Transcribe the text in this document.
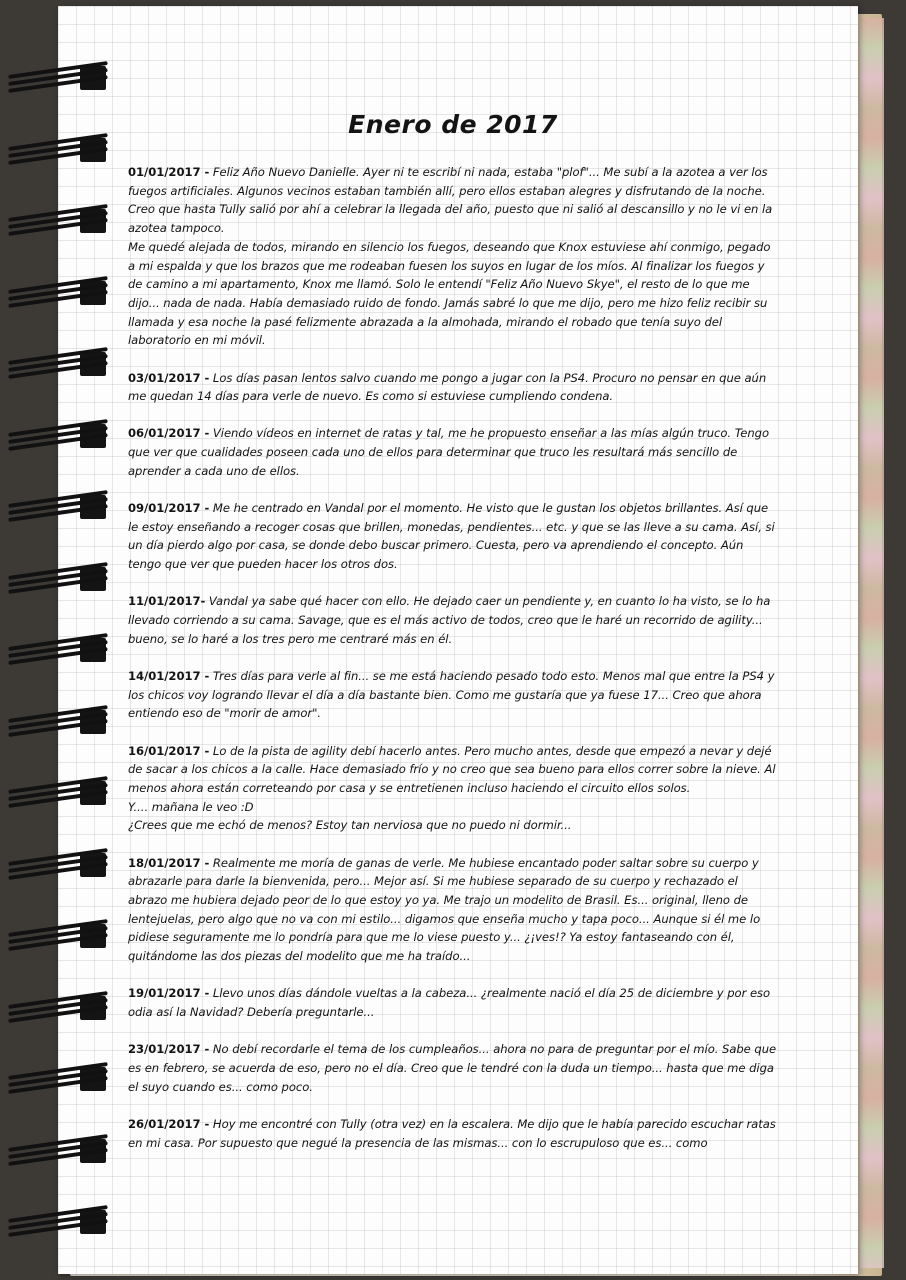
Enero de 2017

01/01/2017 - Feliz Año Nuevo Danielle. Ayer ni te escribí ni nada, estaba "plof"... Me subí a la azotea a ver los fuegos artificiales. Algunos vecinos estaban también allí, pero ellos estaban alegres y disfrutando de la noche. Creo que hasta Tully salió por ahí a celebrar la llegada del año, puesto que ni salió al descansillo y no le vi en la azotea tampoco.

Me quedé alejada de todos, mirando en silencio los fuegos, deseando que Knox estuviese ahí conmigo, pegado a mi espalda y que los brazos que me rodeaban fuesen los suyos en lugar de los míos. Al finalizar los fuegos y de camino a mi apartamento, Knox me llamó. Solo le entendí "Feliz Año Nuevo Skye", el resto de lo que me dijo... nada de nada. Había demasiado ruido de fondo. Jamás sabré lo que me dijo, pero me hizo feliz recibir su llamada y esa noche la pasé felizmente abrazada a la almohada, mirando el robado que tenía suyo del laboratorio en mi móvil.

03/01/2017 - Los días pasan lentos salvo cuando me pongo a jugar con la PS4. Procuro no pensar en que aún me quedan 14 días para verle de nuevo. Es como si estuviese cumpliendo condena.

06/01/2017 - Viendo vídeos en internet de ratas y tal, me he propuesto enseñar a las mías algún truco. Tengo que ver que cualidades poseen cada uno de ellos para determinar que truco les resultará más sencillo de aprender a cada uno de ellos.

09/01/2017 - Me he centrado en Vandal por el momento. He visto que le gustan los objetos brillantes. Así que le estoy enseñando a recoger cosas que brillen, monedas, pendientes... etc. y que se las lleve a su cama. Así, si un día pierdo algo por casa, se donde debo buscar primero. Cuesta, pero va aprendiendo el concepto. Aún tengo que ver que pueden hacer los otros dos.

11/01/2017- Vandal ya sabe qué hacer con ello. He dejado caer un pendiente y, en cuanto lo ha visto, se lo ha llevado corriendo a su cama. Savage, que es el más activo de todos, creo que le haré un recorrido de agility... bueno, se lo haré a los tres pero me centraré más en él.

14/01/2017 - Tres días para verle al fin... se me está haciendo pesado todo esto. Menos mal que entre la PS4 y los chicos voy logrando llevar el día a día bastante bien. Como me gustaría que ya fuese 17... Creo que ahora entiendo eso de "morir de amor".

16/01/2017 - Lo de la pista de agility debí hacerlo antes. Pero mucho antes, desde que empezó a nevar y dejé de sacar a los chicos a la calle. Hace demasiado frío y no creo que sea bueno para ellos correr sobre la nieve. Al menos ahora están correteando por casa y se entretienen incluso haciendo el circuito ellos solos.

Y.... mañana le veo :D

¿Crees que me echó de menos? Estoy tan nerviosa que no puedo ni dormir...

18/01/2017 - Realmente me moría de ganas de verle. Me hubiese encantado poder saltar sobre su cuerpo y abrazarle para darle la bienvenida, pero... Mejor así. Si me hubiese separado de su cuerpo y rechazado el abrazo me hubiera dejado peor de lo que estoy yo ya. Me trajo un modelito de Brasil. Es... original, lleno de lentejuelas, pero algo que no va con mi estilo... digamos que enseña mucho y tapa poco... Aunque si él me lo pidiese seguramente me lo pondría para que me lo viese puesto y... ¿¡ves!? Ya estoy fantaseando con él, quitándome las dos piezas del modelito que me ha traído...

19/01/2017 - Llevo unos días dándole vueltas a la cabeza... ¿realmente nació el día 25 de diciembre y por eso odia así la Navidad? Debería preguntarle...

23/01/2017 - No debí recordarle el tema de los cumpleaños... ahora no para de preguntar por el mío. Sabe que es en febrero, se acuerda de eso, pero no el día. Creo que le tendré con la duda un tiempo... hasta que me diga el suyo cuando es... como poco.

26/01/2017 - Hoy me encontré con Tully (otra vez) en la escalera. Me dijo que le había parecido escuchar ratas en mi casa. Por supuesto que negué la presencia de las mismas... con lo escrupuloso que es... como
